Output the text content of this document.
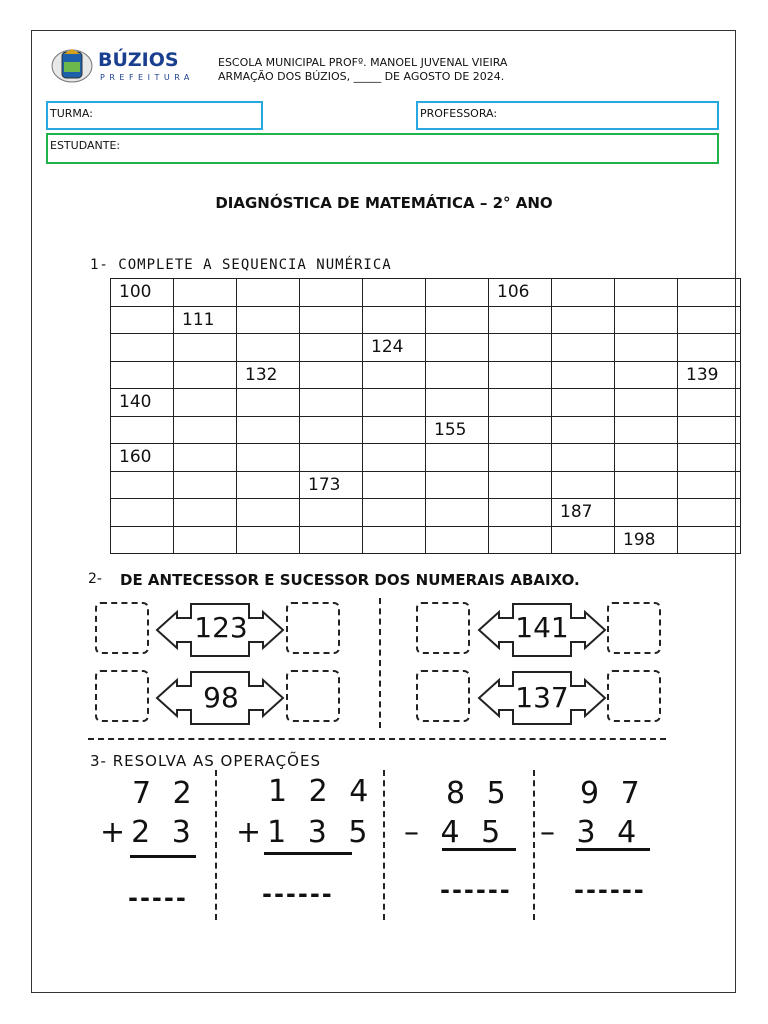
BÚZIOS
PREFEITURA
ESCOLA MUNICIPAL PROFº. MANOEL JUVENAL VIEIRA
ARMAÇÃO DOS BÚZIOS, _____ DE AGOSTO DE 2024.
TURMA:	PROFESSORA:
ESTUDANTE:
DIAGNÓSTICA DE MATEMÁTICA – 2° ANO
1- COMPLETE A SEQUENCIA NUMÉRICA
100						106			
	111								
				124					
		132							139
140									
					155				
160									
			173						
							187		
								198	
2- DE ANTECESSOR E SUCESSOR DOS NUMERAIS ABAIXO.
123	141
98	137
3- RESOLVA AS OPERAÇÕES
7 2
+2 3
-----
1 2 4
+1 3 5
------
8 5
– 4 5
------
9 7
– 3 4
------
